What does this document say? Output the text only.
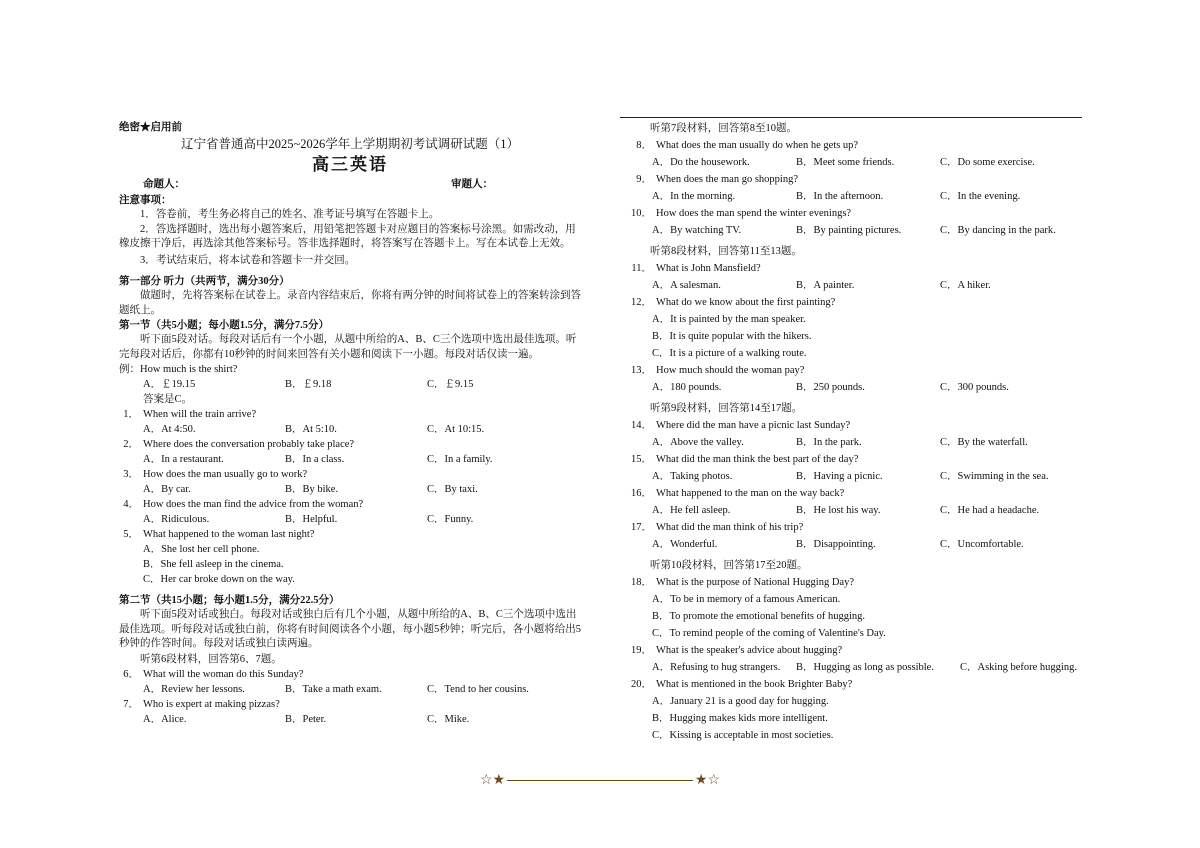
绝密★启用前
辽宁省普通高中2025~2026学年上学期期初考试调研试题（1）
高三英语
命题人：	审题人：
注意事项：
1．答卷前，考生务必将自己的姓名、准考证号填写在答题卡上。
2．答选择题时，选出每小题答案后，用铅笔把答题卡对应题目的答案标号涂黑。如需改动，用橡皮擦干净后，再选涂其他答案标号。答非选择题时，将答案写在答题卡上。写在本试卷上无效。
3．考试结束后，将本试卷和答题卡一并交回。
第一部分 听力（共两节，满分30分）
做题时，先将答案标在试卷上。录音内容结束后，你将有两分钟的时间将试卷上的答案转涂到答题纸上。
第一节（共5小题；每小题1.5分，满分7.5分）
听下面5段对话。每段对话后有一个小题，从题中所给的A、B、C三个选项中选出最佳选项。听完每段对话后，你都有10秒钟的时间来回答有关小题和阅读下一小题。每段对话仅读一遍。
例：How much is the shirt?
A．￡19.15	B．￡9.18	C．￡9.15
答案是C。
1． When will the train arrive?
A．At 4:50.	B．At 5:10.	C．At 10:15.
2． Where does the conversation probably take place?
A．In a restaurant.	B．In a class.	C．In a family.
3． How does the man usually go to work?
A．By car.	B．By bike.	C．By taxi.
4． How does the man find the advice from the woman?
A．Ridiculous.	B．Helpful.	C．Funny.
5． What happened to the woman last night?
A．She lost her cell phone.
B．She fell asleep in the cinema.
C．Her car broke down on the way.
第二节（共15小题；每小题1.5分，满分22.5分）
听下面5段对话或独白。每段对话或独白后有几个小题，从题中所给的A、B、C三个选项中选出最佳选项。听每段对话或独白前，你将有时间阅读各个小题，每小题5秒钟；听完后，各小题将给出5秒钟的作答时间。每段对话或独白读两遍。
听第6段材料，回答第6、7题。
6． What will the woman do this Sunday?
A．Review her lessons.	B．Take a math exam.	C．Tend to her cousins.
7． Who is expert at making pizzas?
A．Alice.	B．Peter.	C．Mike.
听第7段材料，回答第8至10题。
8． What does the man usually do when he gets up?
A．Do the housework.	B．Meet some friends.	C．Do some exercise.
9． When does the man go shopping?
A．In the morning.	B．In the afternoon.	C．In the evening.
10． How does the man spend the winter evenings?
A．By watching TV.	B．By painting pictures.	C．By dancing in the park.
听第8段材料，回答第11至13题。
11． What is John Mansfield?
A．A salesman.	B．A painter.	C．A hiker.
12． What do we know about the first painting?
A．It is painted by the man speaker.
B．It is quite popular with the hikers.
C．It is a picture of a walking route.
13． How much should the woman pay?
A．180 pounds.	B．250 pounds.	C．300 pounds.
听第9段材料，回答第14至17题。
14． Where did the man have a picnic last Sunday?
A．Above the valley.	B．In the park.	C．By the waterfall.
15． What did the man think the best part of the day?
A．Taking photos.	B．Having a picnic.	C．Swimming in the sea.
16． What happened to the man on the way back?
A．He fell asleep.	B．He lost his way.	C．He had a headache.
17． What did the man think of his trip?
A．Wonderful.	B．Disappointing.	C．Uncomfortable.
听第10段材料，回答第17至20题。
18． What is the purpose of National Hugging Day?
A．To be in memory of a famous American.
B．To promote the emotional benefits of hugging.
C．To remind people of the coming of Valentine's Day.
19． What is the speaker's advice about hugging?
A．Refusing to hug strangers.	B．Hugging as long as possible.	C．Asking before hugging.
20． What is mentioned in the book Brighter Baby?
A．January 21 is a good day for hugging.
B．Hugging makes kids more intelligent.
C．Kissing is acceptable in most societies.
☆★	★☆
